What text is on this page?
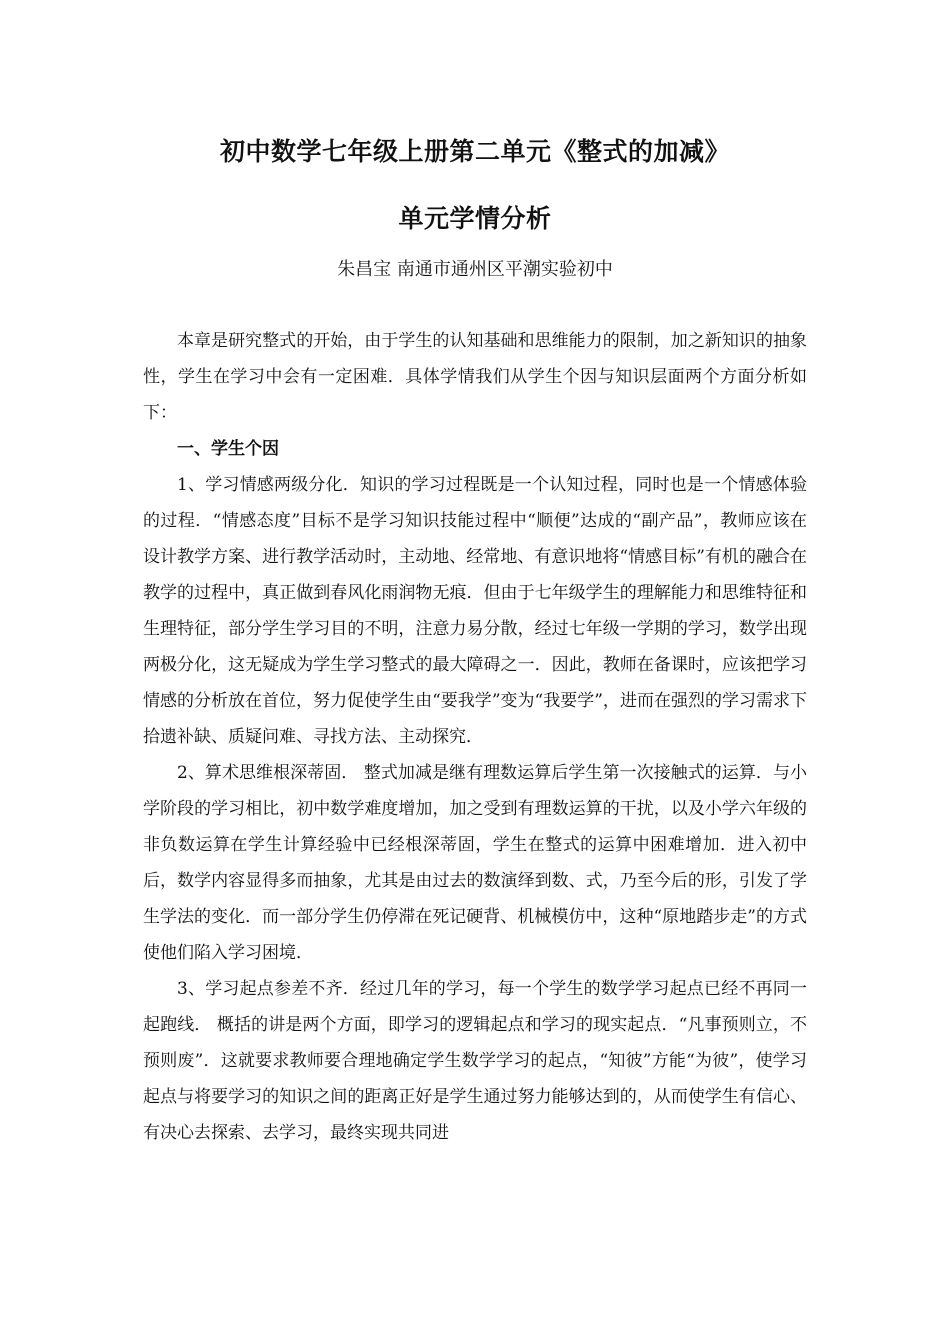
初中数学七年级上册第二单元《整式的加减》
单元学情分析

朱昌宝 南通市通州区平潮实验初中

本章是研究整式的开始，由于学生的认知基础和思维能力的限制，加之新知识的抽象性，学生在学习中会有一定困难．具体学情我们从学生个因与知识层面两个方面分析如下：

一、学生个因

1、学习情感两级分化．知识的学习过程既是一个认知过程，同时也是一个情感体验的过程．“情感态度”目标不是学习知识技能过程中“顺便”达成的“副产品”，教师应该在设计教学方案、进行教学活动时，主动地、经常地、有意识地将“情感目标”有机的融合在教学的过程中，真正做到春风化雨润物无痕．但由于七年级学生的理解能力和思维特征和生理特征，部分学生学习目的不明，注意力易分散，经过七年级一学期的学习，数学出现两极分化，这无疑成为学生学习整式的最大障碍之一．因此，教师在备课时，应该把学习情感的分析放在首位，努力促使学生由“要我学”变为“我要学”，进而在强烈的学习需求下拾遗补缺、质疑问难、寻找方法、主动探究．

2、算术思维根深蒂固． 整式加减是继有理数运算后学生第一次接触式的运算．与小学阶段的学习相比，初中数学难度增加，加之受到有理数运算的干扰，以及小学六年级的非负数运算在学生计算经验中已经根深蒂固，学生在整式的运算中困难增加．进入初中后，数学内容显得多而抽象，尤其是由过去的数演绎到数、式，乃至今后的形，引发了学生学法的变化．而一部分学生仍停滞在死记硬背、机械模仿中，这种“原地踏步走”的方式使他们陷入学习困境．

3、学习起点参差不齐．经过几年的学习，每一个学生的数学学习起点已经不再同一起跑线． 概括的讲是两个方面，即学习的逻辑起点和学习的现实起点．“凡事预则立，不预则废”．这就要求教师要合理地确定学生数学学习的起点，“知彼”方能“为彼”，使学习起点与将要学习的知识之间的距离正好是学生通过努力能够达到的，从而使学生有信心、有决心去探索、去学习，最终实现共同进
